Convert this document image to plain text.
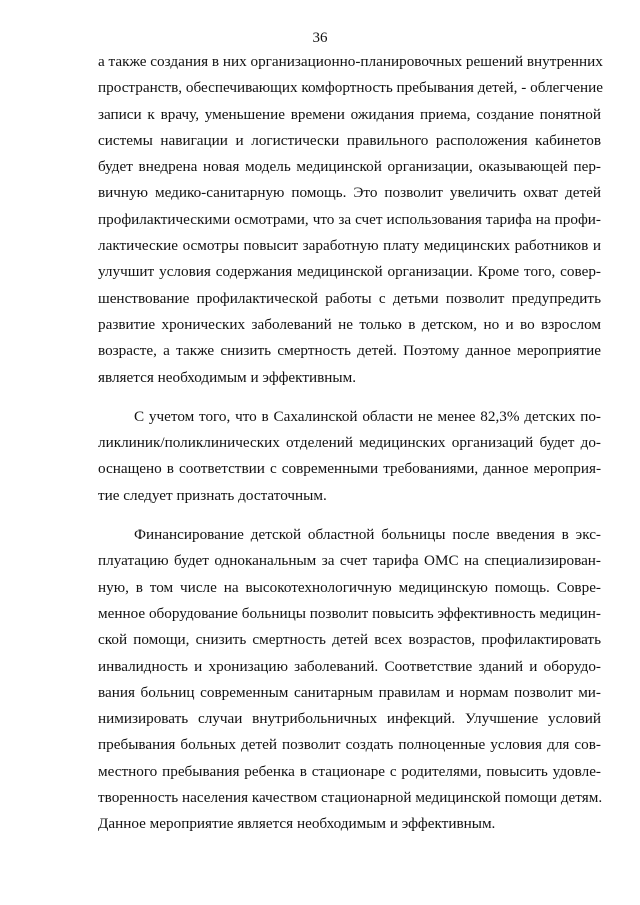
36
а также создания в них организационно-планировочных решений внутренних
пространств, обеспечивающих комфортность пребывания детей, - облегчение
записи к врачу, уменьшение времени ожидания приема, создание понятной
системы навигации и логистически правильного расположения кабинетов
будет внедрена новая модель медицинской организации, оказывающей пер-
вичную медико-санитарную помощь. Это позволит увеличить охват детей
профилактическими осмотрами, что за счет использования тарифа на профи-
лактические осмотры повысит заработную плату медицинских работников и
улучшит условия содержания медицинской организации. Кроме того, совер-
шенствование профилактической работы с детьми позволит предупредить
развитие хронических заболеваний не только в детском, но и во взрослом
возрасте, а также снизить смертность детей. Поэтому данное мероприятие
является необходимым и эффективным.
С учетом того, что в Сахалинской области не менее 82,3% детских по-
ликлиник/поликлинических отделений медицинских организаций будет до-
оснащено в соответствии с современными требованиями, данное мероприя-
тие следует признать достаточным.
Финансирование детской областной больницы после введения в экс-
плуатацию будет одноканальным за счет тарифа ОМС на специализирован-
ную, в том числе на высокотехнологичную медицинскую помощь. Совре-
менное оборудование больницы позволит повысить эффективность медицин-
ской помощи, снизить смертность детей всех возрастов, профилактировать
инвалидность и хронизацию заболеваний. Соответствие зданий и оборудо-
вания больниц современным санитарным правилам и нормам позволит ми-
нимизировать случаи внутрибольничных инфекций. Улучшение условий
пребывания больных детей позволит создать полноценные условия для сов-
местного пребывания ребенка в стационаре с родителями, повысить удовле-
творенность населения качеством стационарной медицинской помощи детям.
Данное мероприятие является необходимым и эффективным.
